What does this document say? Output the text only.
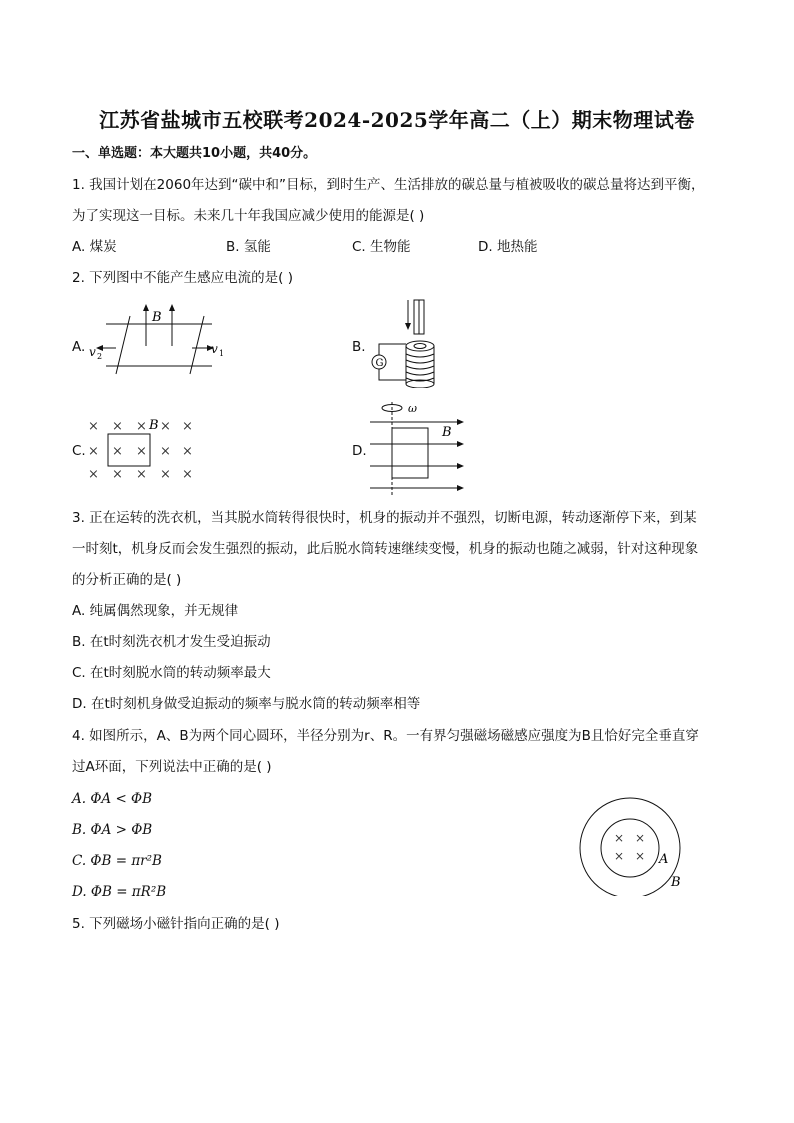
江苏省盐城市五校联考2024-2025学年高二（上）期末物理试卷
一、单选题：本大题共10小题，共40分。
1. 我国计划在2060年达到“碳中和”目标，到时生产、生活排放的碳总量与植被吸收的碳总量将达到平衡，
为了实现这一目标。未来几十年我国应减少使用的能源是( )
A. 煤炭	B. 氢能	C. 生物能	D. 地热能
2. 下列图中不能产生感应电流的是( )
A.
B
v 2
v 1	B.
G
C.
× × × × ×
× × × × ×
× × × × ×
B
D.
ω
B
3. 正在运转的洗衣机，当其脱水筒转得很快时，机身的振动并不强烈，切断电源，转动逐渐停下来，到某
一时刻t，机身反而会发生强烈的振动，此后脱水筒转速继续变慢，机身的振动也随之减弱，针对这种现象
的分析正确的是( )
A. 纯属偶然现象，并无规律
B. 在t时刻洗衣机才发生受迫振动
C. 在t时刻脱水筒的转动频率最大
D. 在t时刻机身做受迫振动的频率与脱水筒的转动频率相等
4. 如图所示，A、B为两个同心圆环，半径分别为r、R。一有界匀强磁场磁感应强度为B且恰好完全垂直穿
过A环面，下列说法中正确的是( )
A. ΦA < ΦB
B. ΦA > ΦB
C. ΦB = πr²B
D. ΦB = πR²B
× ×
× × A
B
5. 下列磁场小磁针指向正确的是( )
